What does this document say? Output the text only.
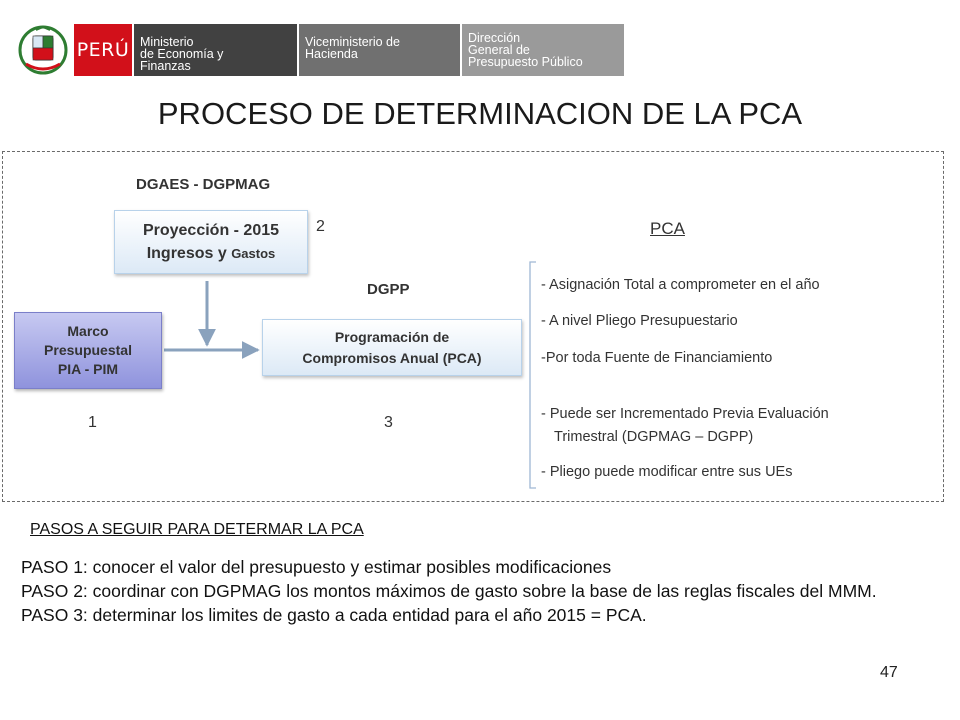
PERÚ Ministerio
de Economía y
Finanzas
Viceministerio de
Hacienda
Dirección
General de
Presupuesto Público
PROCESO DE DETERMINACION DE LA PCA
DGAES - DGPMAG
Proyección - 2015
Ingresos y Gastos
2
DGPP
Marco
Presupuestal
PIA - PIM
Programación de
Compromisos Anual (PCA)
1	3
PCA
- Asignación Total a comprometer en el año
- A nivel Pliego Presupuestario
-Por toda Fuente de Financiamiento
- Puede ser Incrementado Previa Evaluación
Trimestral (DGPMAG – DGPP)
- Pliego puede modificar entre sus UEs
PASOS A SEGUIR PARA DETERMAR LA PCA

PASO 1: conocer el valor del presupuesto y estimar posibles modificaciones

PASO 2: coordinar con DGPMAG los montos máximos de gasto sobre la base de las reglas fiscales del MMM.

PASO 3: determinar los limites de gasto a cada entidad para el año 2015 = PCA.

47
